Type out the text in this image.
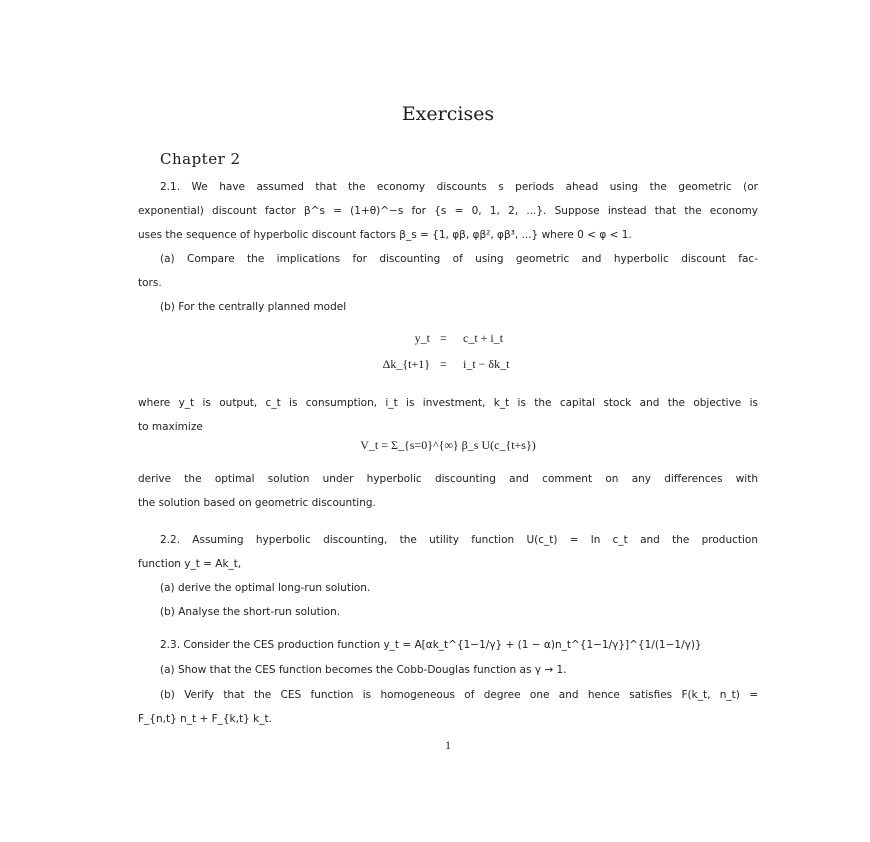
Exercises
Chapter 2
2.1. We have assumed that the economy discounts s periods ahead using the geometric (or
exponential) discount factor β^s = (1+θ)^−s for {s = 0, 1, 2, ...}. Suppose instead that the economy
uses the sequence of hyperbolic discount factors β_s = {1, φβ, φβ², φβ³, ...} where 0 < φ < 1.
(a) Compare the implications for discounting of using geometric and hyperbolic discount fac-
tors.
(b) For the centrally planned model
y_t = c_t + i_t
Δk_{t+1} = i_t − δk_t
where y_t is output, c_t is consumption, i_t is investment, k_t is the capital stock and the objective is
to maximize
V_t = Σ_{s=0}^{∞} β_s U(c_{t+s})
derive the optimal solution under hyperbolic discounting and comment on any differences with
the solution based on geometric discounting.
2.2. Assuming hyperbolic discounting, the utility function U(c_t) = ln c_t and the production
function y_t = Ak_t,
(a) derive the optimal long-run solution.
(b) Analyse the short-run solution.
2.3. Consider the CES production function y_t = A[αk_t^{1−1/γ} + (1 − α)n_t^{1−1/γ}]^{1/(1−1/γ)}
(a) Show that the CES function becomes the Cobb-Douglas function as γ → 1.
(b) Verify that the CES function is homogeneous of degree one and hence satisfies F(k_t, n_t) =
F_{n,t} n_t + F_{k,t} k_t.
1
